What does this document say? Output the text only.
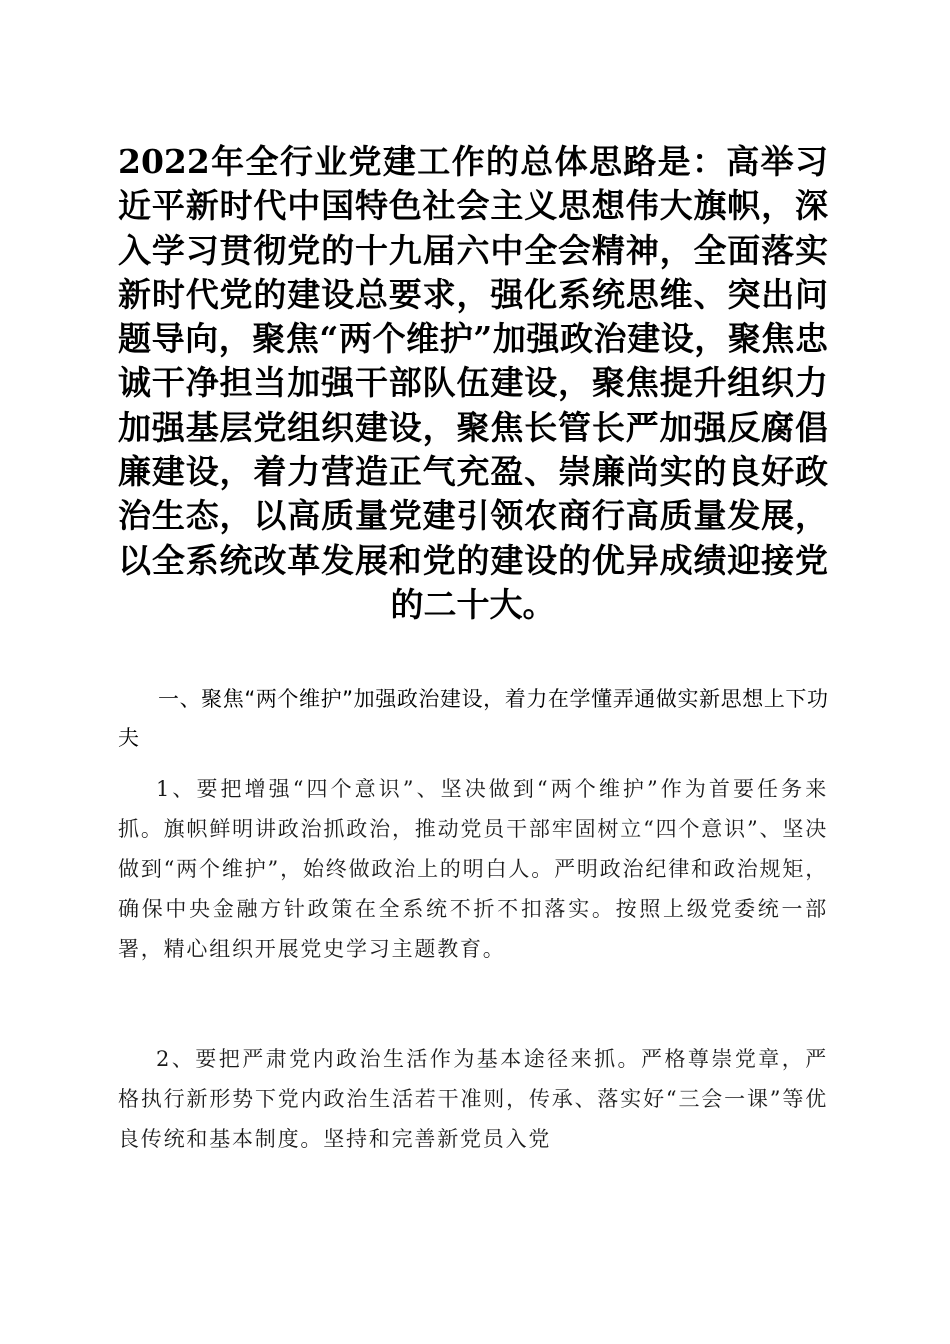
2022年全行业党建工作的总体思路是：高举习近平新时代中国特色社会主义思想伟大旗帜，深入学习贯彻党的十九届六中全会精神，全面落实新时代党的建设总要求，强化系统思维、突出问题导向，聚焦“两个维护”加强政治建设，聚焦忠诚干净担当加强干部队伍建设，聚焦提升组织力加强基层党组织建设，聚焦长管长严加强反腐倡廉建设，着力营造正气充盈、崇廉尚实的良好政治生态，以高质量党建引领农商行高质量发展，以全系统改革发展和党的建设的优异成绩迎接党的二十大。

一、聚焦“两个维护”加强政治建设，着力在学懂弄通做实新思想上下功夫

1、要把增强“四个意识”、坚决做到“两个维护”作为首要任务来抓。旗帜鲜明讲政治抓政治，推动党员干部牢固树立“四个意识”、坚决做到“两个维护”，始终做政治上的明白人。严明政治纪律和政治规矩，确保中央金融方针政策在全系统不折不扣落实。按照上级党委统一部署，精心组织开展党史学习主题教育。

2、要把严肃党内政治生活作为基本途径来抓。严格尊崇党章，严格执行新形势下党内政治生活若干准则，传承、落实好“三会一课”等优良传统和基本制度。坚持和完善新党员入党
